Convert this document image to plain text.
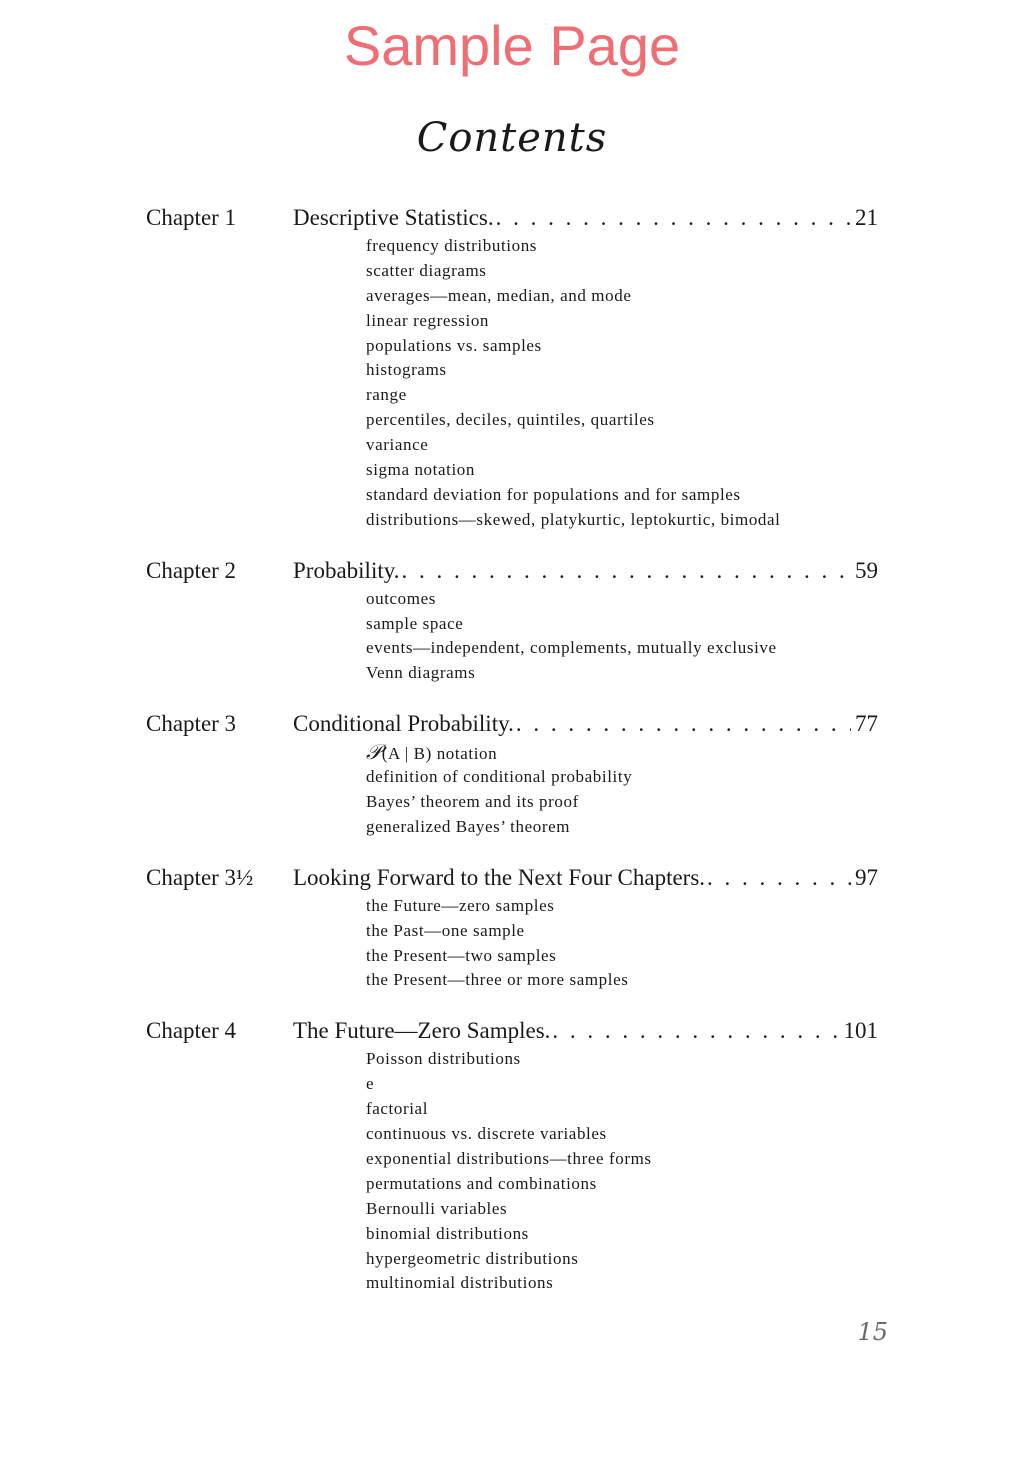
Sample Page
Contents
Chapter 1	Descriptive Statistics. . . .	21
frequency distributions
scatter diagrams
averages—mean, median, and mode
linear regression
populations vs. samples
histograms
range
percentiles, deciles, quintiles, quartiles
variance
sigma notation
standard deviation for populations and for samples
distributions—skewed, platykurtic, leptokurtic, bimodal
Chapter 2	Probability. . . .	59
outcomes
sample space
events—independent, complements, mutually exclusive
Venn diagrams
Chapter 3	Conditional Probability. . . .	77
𝒫(A | B) notation
definition of conditional probability
Bayes’ theorem and its proof
generalized Bayes’ theorem
Chapter 3½	Looking Forward to the Next Four Chapters. . . .	97
the Future—zero samples
the Past—one sample
the Present—two samples
the Present—three or more samples
Chapter 4	The Future—Zero Samples. . . .	101
Poisson distributions
e
factorial
continuous vs. discrete variables
exponential distributions—three forms
permutations and combinations
Bernoulli variables
binomial distributions
hypergeometric distributions
multinomial distributions
15
